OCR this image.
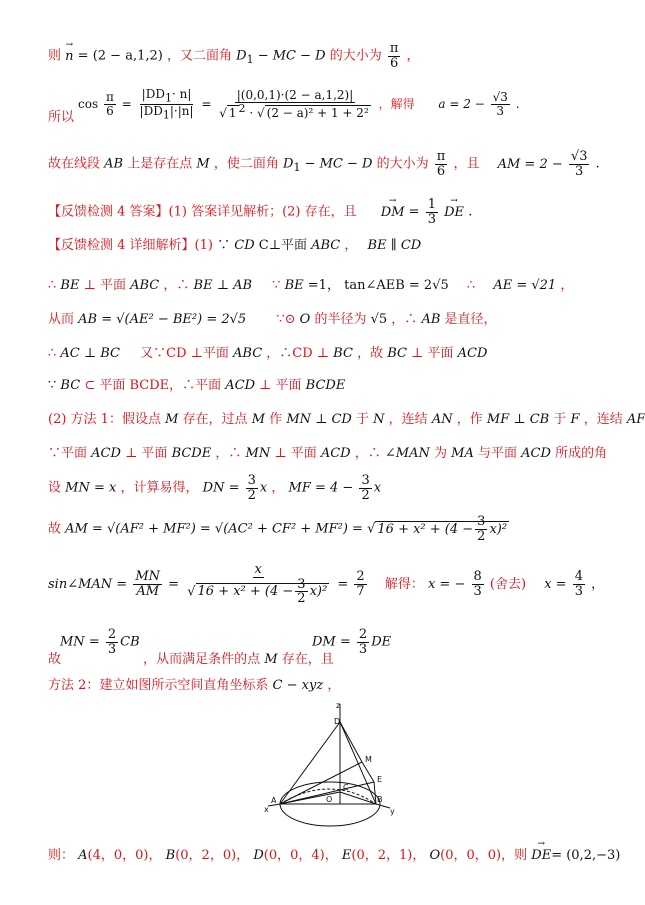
则 → n = (2 − a,1,2) ，又二面角 $D_1$ − MC − D 的大小为 $\frac{\pi}{6}$ ，
$\cos \frac{\pi}{6} = \frac{|DD_1\cdot n|}{|DD_1|\cdot|n|} = \frac{|(0,0,1)\cdot(2 - a,1,2)|}{√ 1 ^2 \cdot √ (2 - a)^2 + 1 + 2^2}$ ，解得 $a = 2 - \frac{√3}{3}$ .
所以
故在线段 AB 上是存在点 M ，使二面角 $D_1$ − MC − D 的大小为 $\frac{\pi}{6}$ ，且 AM = $2 - \frac{√3}{3}$ .
【反馈检测 4 答案】(1) 答案详见解析；(2) 存在，且 → DM = $\frac{1}{3}$ → DE .
【反馈检测 4 详细解析】(1) ∵ CD C⊥平面 ABC ， BE ∥ CD
∴ BE ⊥ 平面 ABC ，∴ BE ⊥ AB ∵ BE =1， tan∠AEB = 2√5 ∴ AE = √21 ，
从而 AB = √(AE² − BE²) = 2√5 ∵⊙ O 的半径为 √5 ，∴ AB 是直径，
∴ AC ⊥ BC 又∵CD ⊥平面 ABC ，∴CD ⊥ BC ，故 BC ⊥ 平面 ACD
∵ BC ⊂ 平面 BCDE，∴平面 ACD ⊥ 平面 BCDE
(2) 方法 1：假设点 M 存在，过点 M 作 MN ⊥ CD 于 N ，连结 AN ，作 MF ⊥ CB 于 F ，连结 AF
∵平面 ACD ⊥ 平面 BCDE ，∴ MN ⊥ 平面 ACD ，∴ ∠MAN 为 MA 与平面 ACD 所成的角
设 MN = x ，计算易得， DN = $\frac{3}{2}$ x ， MF = $4 - \frac{3}{2}$ x
故 AM = √(AF² + MF²) = √(AC² + CF² + MF²) = √ $16 + x^2 + (4 - \frac{3}{2} x)^2$
sin∠MAN = $\frac{MN}{AM} = \frac{x}{√ 16 + x^2 + (4 - \frac{3}{2} x)^2} = \frac{2}{7}$ 解得： x = − $\frac{8}{3}$ (舍去) $x = \frac{4}{3}$ ，
MN = $\frac{2}{3}$ CB	DM = $\frac{2}{3}$ DE
故	，从而满足条件的点 M 存在，且
方法 2：建立如图所示空间直角坐标系 C − xyz ，
z
D
M
E
C
O
A
x
B
y
则： A(4，0，0)， B(0，2，0)， D(0，0，4)， E(0，2，1)， O(0，0，0)，则 → DE= (0,2,−3)
